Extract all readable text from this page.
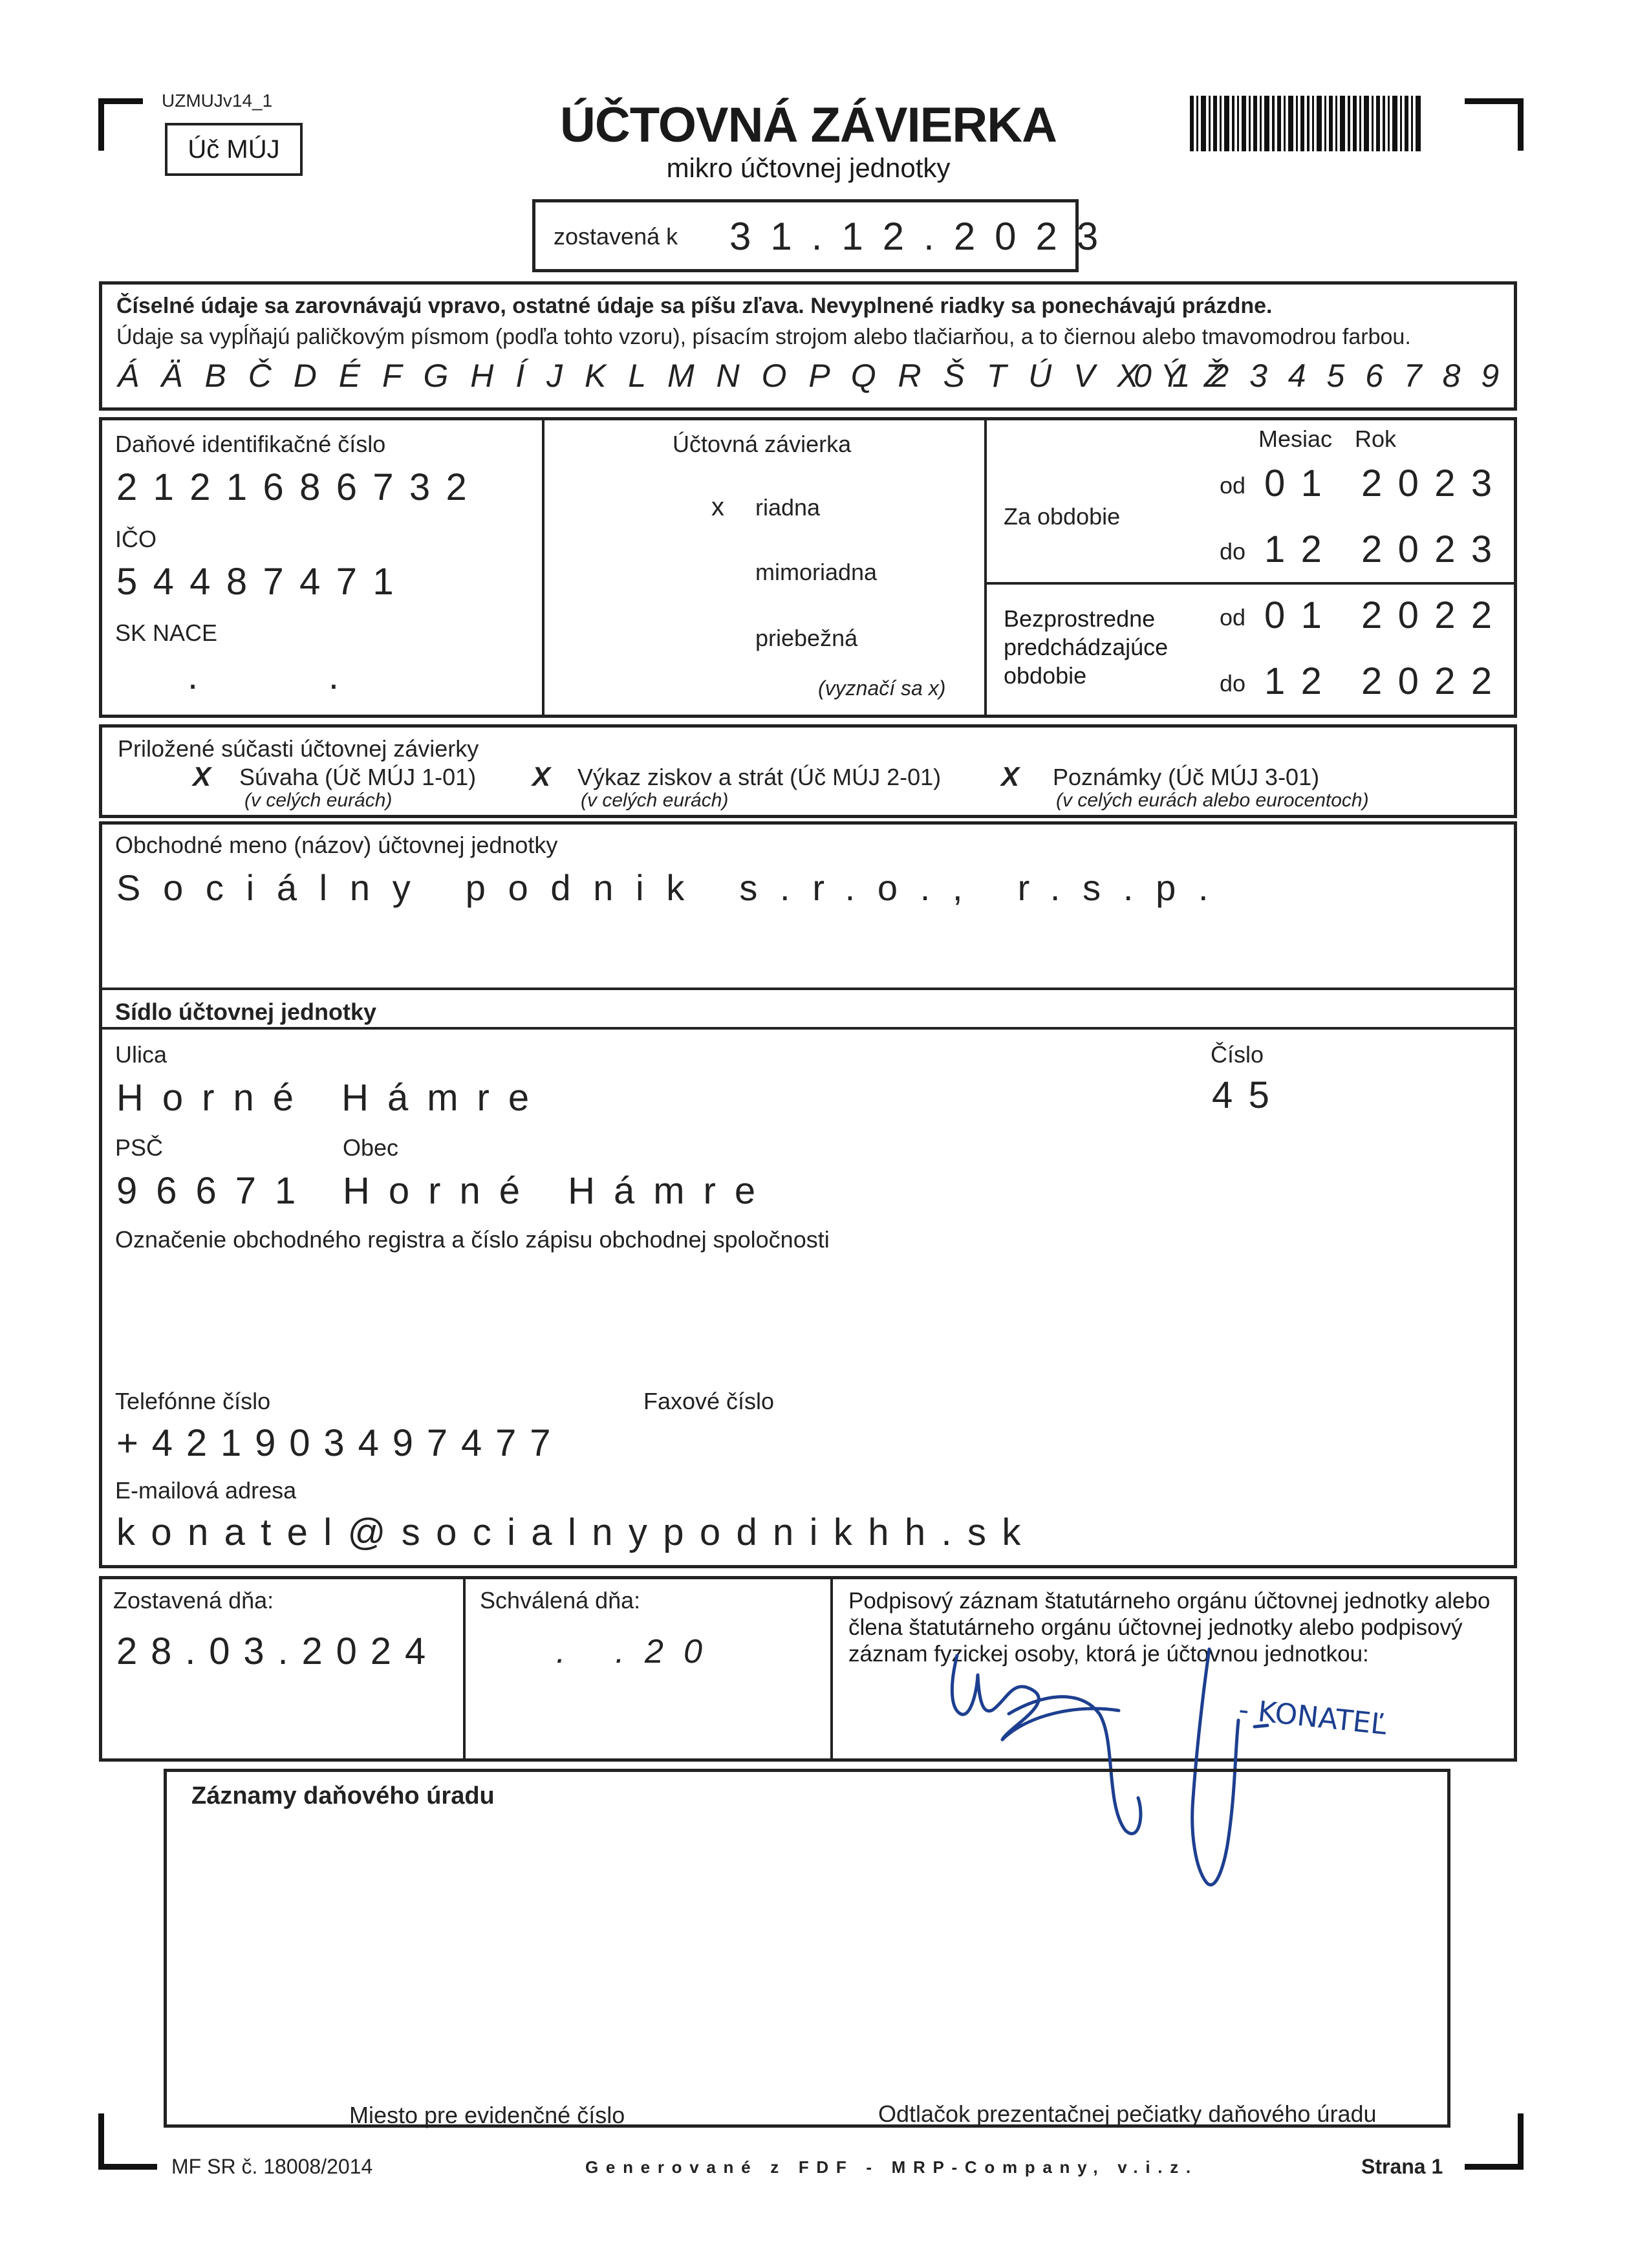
UZMUJv14_1
Úč MÚJ	ÚČTOVNÁ ZÁVIERKA
mikro účtovnej jednotky
zostavená k 31.12.2023
Číselné údaje sa zarovnávajú vpravo, ostatné údaje sa píšu zľava. Nevyplnené riadky sa ponechávajú prázdne.
Údaje sa vypĺňajú paličkovým písmom (podľa tohto vzoru), písacím strojom alebo tlačiarňou, a to čiernou alebo tmavomodrou farbou.
Á Ä B Č D É F G H Í J K L M N O P Q R Š T Ú V X Ý Ž
0 1 2 3 4 5 6 7 8 9
Daňové identifikačné číslo
2121686732
IČO
54487471
SK NACE
. .
Účtovná závierka
x riadna
mimoriadna
priebežná
(vyznačí sa x)
Mesiac Rok
Za obdobie
od 01 2023
do 12 2023
Bezprostredne predchádzajúce obdobie
od 01 2022
do 12 2022
Priložené súčasti účtovnej závierky
X Súvaha (Úč MÚJ 1-01)
(v celých eurách)
X Výkaz ziskov a strát (Úč MÚJ 2-01)
(v celých eurách)
X Poznámky (Úč MÚJ 3-01)
(v celých eurách alebo eurocentoch)
Obchodné meno (názov) účtovnej jednotky
Sociálny podnik s.r.o., r.s.p.
Sídlo účtovnej jednotky
Ulica
Horné Hámre
Číslo
45
PSČ
96671
Obec
Horné Hámre
Označenie obchodného registra a číslo zápisu obchodnej spoločnosti
Telefónne číslo
+421903497477
Faxové číslo
E-mailová adresa
konatel@socialnypodnikhh.sk
Zostavená dňa:
28.03.2024
Schválená dňa:
. .20
Podpisový záznam štatutárneho orgánu účtovnej jednotky alebo člena štatutárneho orgánu účtovnej jednotky alebo podpisový záznam fyzickej osoby, ktorá je účtovnou jednotkou:
- KONATEĽ
Záznamy daňového úradu
Miesto pre evidenčné číslo	Odtlačok prezentačnej pečiatky daňového úradu
MF SR č. 18008/2014	Generované z FDF - MRP-Company, v.i.z.	Strana 1
